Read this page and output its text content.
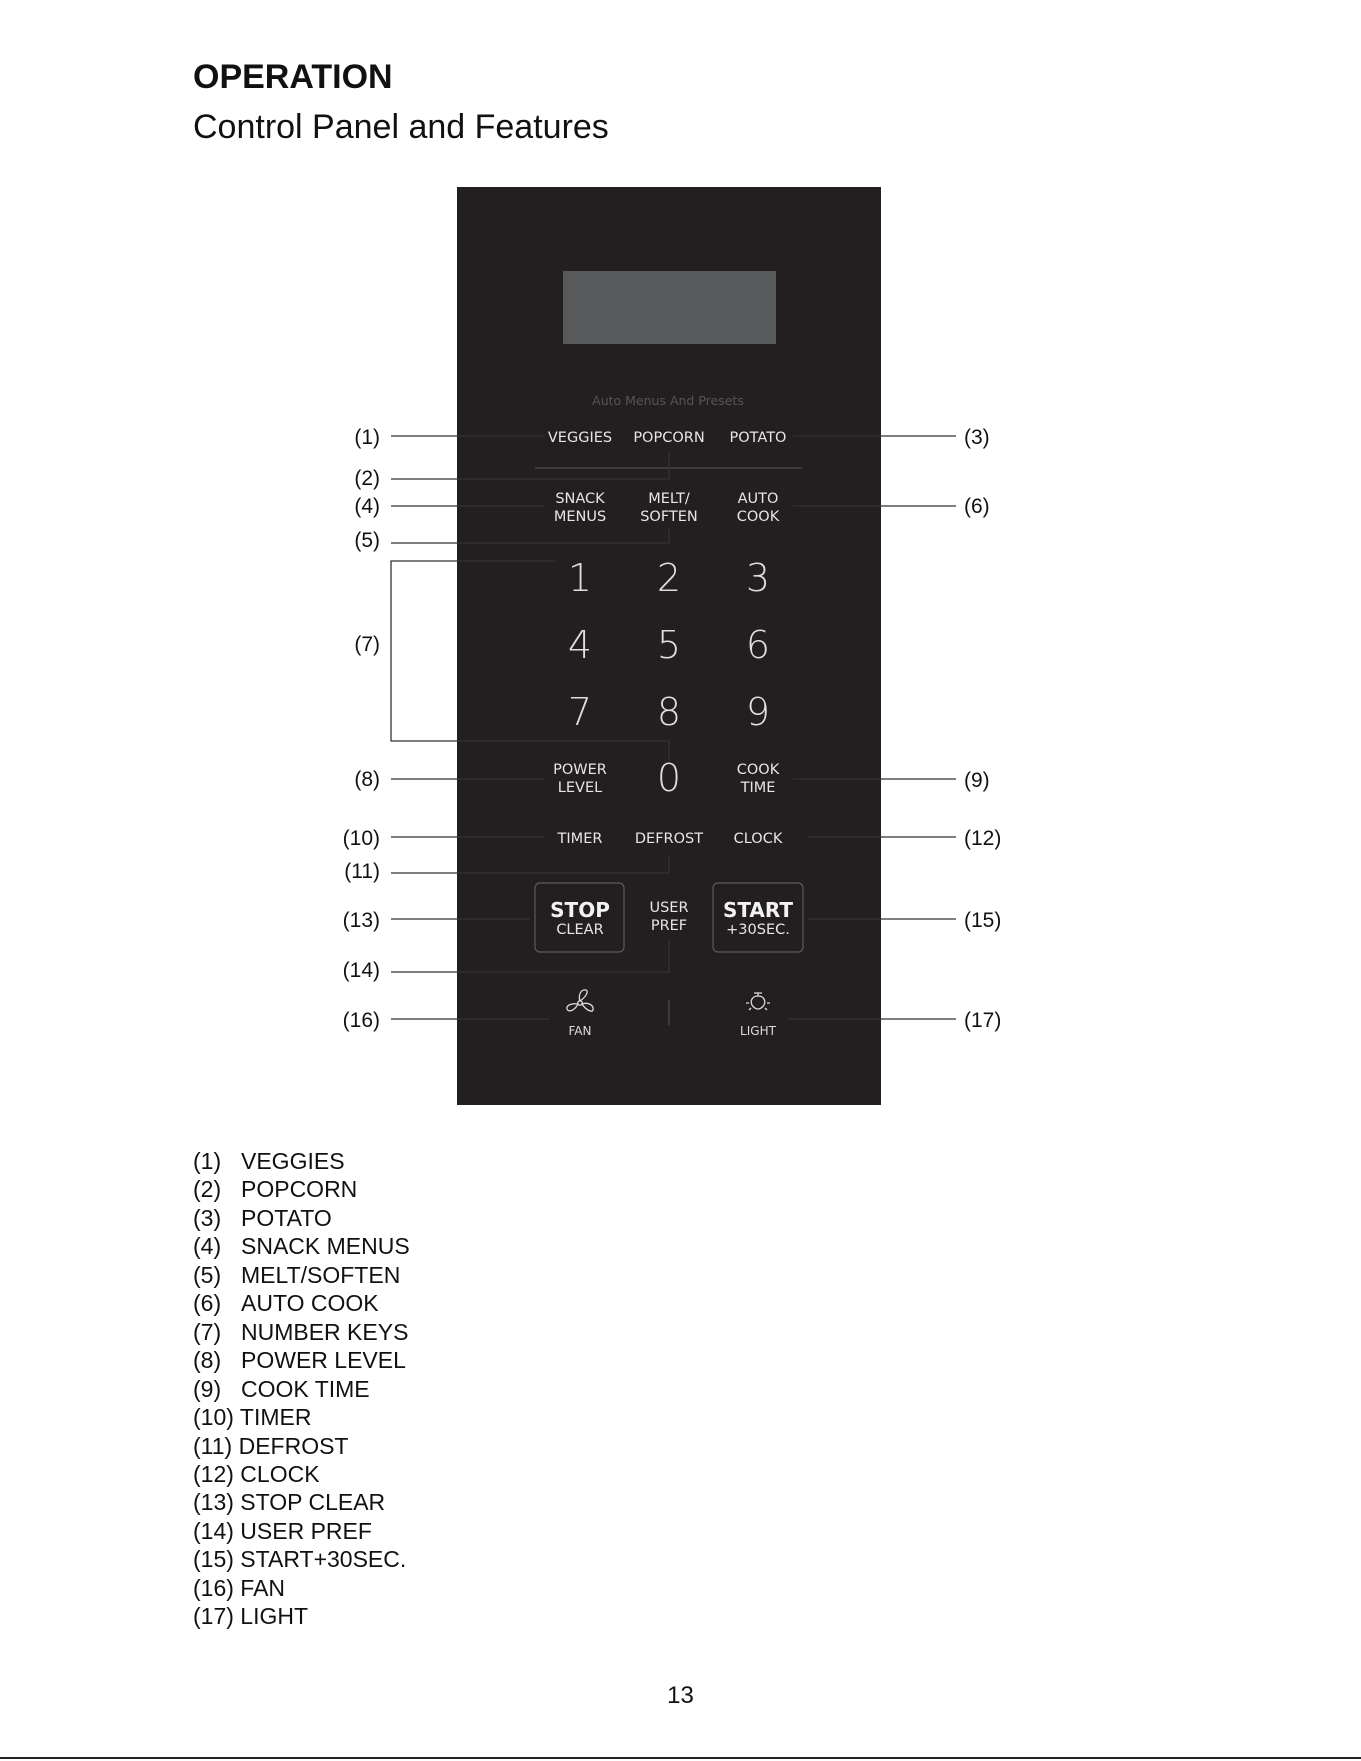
OPERATION
Control Panel and Features
Auto Menus And Presets
VEGGIES POPCORN POTATO
1 2 3
4 5 6
7 8 9
0
TIMER DEFROST CLOCK
STOP
CLEAR
START
+30SEC.
FAN	LIGHT
(1)
(2)
(3)
(4)
(5)
(6)
(7)
(8)	(9)
(10)
(11)
(12)
(13)
(14)
(15)
(16)	(17)
(1) VEGGIES
(2) POPCORN
(3) POTATO
(4) SNACK MENUS
(5) MELT/SOFTEN
(6) AUTO COOK
(7) NUMBER KEYS
(8) POWER LEVEL
(9) COOK TIME
(10) TIMER
(11) DEFROST
(12) CLOCK
(13) STOP CLEAR
(14) USER PREF
(15) START+30SEC.
(16) FAN
(17) LIGHT
13
